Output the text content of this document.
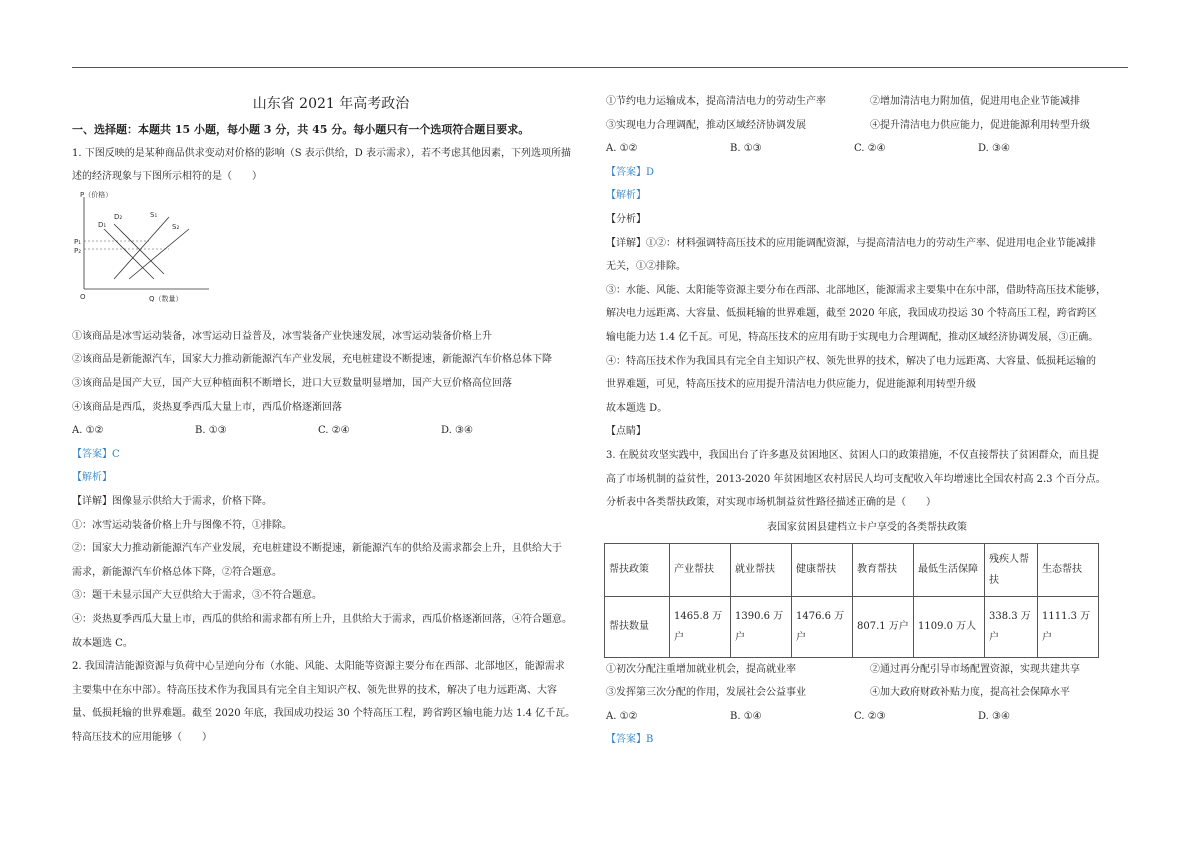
山东省 2021 年高考政治
一、选择题：本题共 15 小题，每小题 3 分，共 45 分。每小题只有一个选项符合题目要求。
1. 下图反映的是某种商品供求变动对价格的影响（S 表示供给，D 表示需求），若不考虑其他因素，下列选项所描
述的经济现象与下图所示相符的是（　　）
P（价格）
Q（数量）
O
P₁
P₂
D₁
D₂	S₁
S₂
①该商品是冰雪运动装备，冰雪运动日益普及，冰雪装备产业快速发展，冰雪运动装备价格上升
②该商品是新能源汽车，国家大力推动新能源汽车产业发展，充电桩建设不断提速，新能源汽车价格总体下降
③该商品是国产大豆，国产大豆种植面积不断增长，进口大豆数量明显增加，国产大豆价格高位回落
④该商品是西瓜，炎热夏季西瓜大量上市，西瓜价格逐渐回落
A. ①②	B. ①③	C. ②④	D. ③④
【答案】C
【解析】
【详解】图像显示供给大于需求，价格下降。
①：冰雪运动装备价格上升与图像不符，①排除。
②：国家大力推动新能源汽车产业发展，充电桩建设不断提速，新能源汽车的供给及需求都会上升，且供给大于
需求，新能源汽车价格总体下降，②符合题意。
③：题干未显示国产大豆供给大于需求，③不符合题意。
④：炎热夏季西瓜大量上市，西瓜的供给和需求都有所上升，且供给大于需求，西瓜价格逐渐回落，④符合题意。
故本题选 C。
2. 我国清洁能源资源与负荷中心呈逆向分布（水能、风能、太阳能等资源主要分布在西部、北部地区，能源需求
主要集中在东中部）。特高压技术作为我国具有完全自主知识产权、领先世界的技术，解决了电力远距离、大容
量、低损耗输的世界难题。截至 2020 年底，我国成功投运 30 个特高压工程，跨省跨区输电能力达 1.4 亿千瓦。
特高压技术的应用能够（　　）
①节约电力运输成本，提高清洁电力的劳动生产率	②增加清洁电力附加值，促进用电企业节能减排
③实现电力合理调配，推动区域经济协调发展	④提升清洁电力供应能力，促进能源利用转型升级
A. ①②	B. ①③	C. ②④	D. ③④
【答案】D
【解析】
【分析】
【详解】①②：材料强调特高压技术的应用能调配资源，与提高清洁电力的劳动生产率、促进用电企业节能减排
无关，①②排除。
③：水能、风能、太阳能等资源主要分布在西部、北部地区，能源需求主要集中在东中部，借助特高压技术能够，
解决电力远距离、大容量、低损耗输的世界难题，截至 2020 年底，我国成功投运 30 个特高压工程，跨省跨区
输电能力达 1.4 亿千瓦。可见，特高压技术的应用有助于实现电力合理调配，推动区域经济协调发展，③正确。
④：特高压技术作为我国具有完全自主知识产权、领先世界的技术，解决了电力远距离、大容量、低损耗运输的
世界难题，可见，特高压技术的应用提升清洁电力供应能力，促进能源利用转型升级
故本题选 D。
【点睛】
3. 在脱贫攻坚实践中，我国出台了许多惠及贫困地区、贫困人口的政策措施，不仅直接帮扶了贫困群众，而且提
高了市场机制的益贫性，2013-2020 年贫困地区农村居民人均可支配收入年均增速比全国农村高 2.3 个百分点。
分析表中各类帮扶政策，对实现市场机制益贫性路径描述正确的是（　　）
表国家贫困县建档立卡户享受的各类帮扶政策
帮扶政策	产业帮扶	就业帮扶	健康帮扶	教育帮扶	最低生活保障	残疾人帮扶	生态帮扶
帮扶数量	1465.8 万户	1390.6 万户	1476.6 万户	807.1 万户	1109.0 万人	338.3 万户	1111.3 万户
①初次分配注重增加就业机会，提高就业率	②通过再分配引导市场配置资源，实现共建共享
③发挥第三次分配的作用，发展社会公益事业	④加大政府财政补贴力度，提高社会保障水平
A. ①②	B. ①④	C. ②③	D. ③④
【答案】B
